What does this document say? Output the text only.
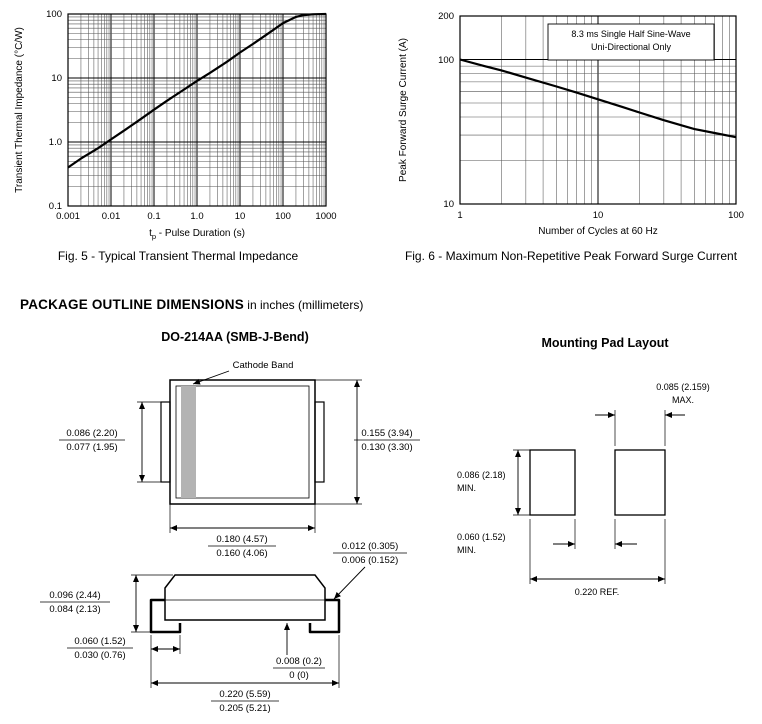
Transient Thermal Impedance (°C/W)
100
10
1.0
0.1
0.001 0.01	0.1	1.0	10	100	1000
$t_p$ - Pulse Duration (s)
Peak Forward Surge Current (A)
8.3 ms Single Half Sine-Wave
Uni-Directional Only
200
100
10
1	10	100
Number of Cycles at 60 Hz
Fig. 5 - Typical Transient Thermal Impedance	Fig. 6 - Maximum Non-Repetitive Peak Forward Surge Current
PACKAGE OUTLINE DIMENSIONS in inches (millimeters)
DO-214AA (SMB-J-Bend)	Mounting Pad Layout
Cathode Band
0.086 (2.20)
0.077 (1.95)
0.155 (3.94)
0.130 (3.30)
0.180 (4.57)
0.160 (4.06)
0.096 (2.44)
0.084 (2.13)
0.012 (0.305)
0.006 (0.152)
0.060 (1.52)
0.030 (0.76)
0.008 (0.2)
0 (0)
0.220 (5.59)
0.205 (5.21)
0.085 (2.159)
MAX.
0.086 (2.18)
MIN.
0.060 (1.52)
MIN.
0.220 REF.
